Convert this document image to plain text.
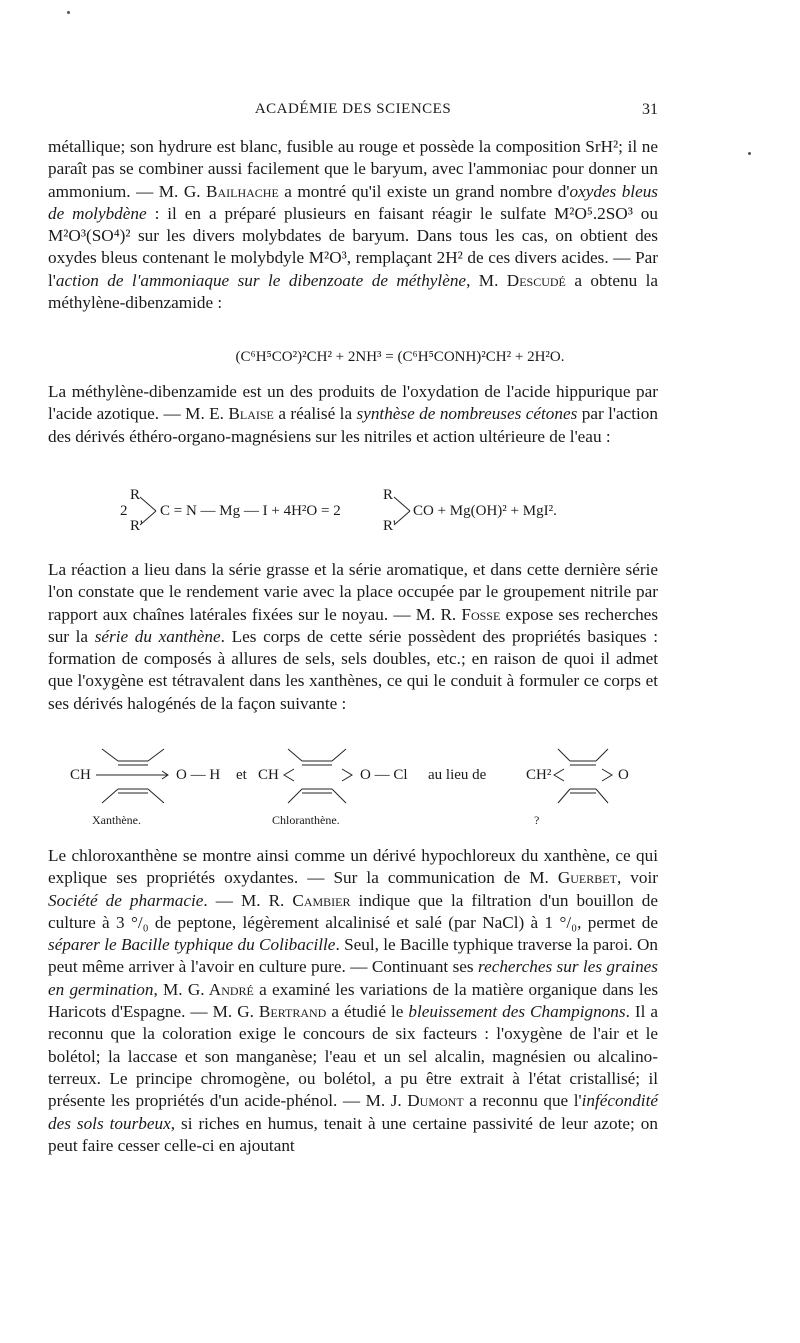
ACADÉMIE DES SCIENCES	31

métallique; son hydrure est blanc, fusible au rouge et possède la composition SrH²; il ne paraît pas se combiner aussi facilement que le baryum, avec l'ammoniac pour donner un ammonium. — M. G. Bailhache a montré qu'il existe un grand nombre d'oxydes bleus de molybdène : il en a préparé plusieurs en faisant réagir le sulfate M²O⁵.2SO³ ou M²O³(SO⁴)² sur les divers molybdates de baryum. Dans tous les cas, on obtient des oxydes bleus contenant le molybdyle M²O³, remplaçant 2H² de ces divers acides. — Par l'action de l'ammoniaque sur le dibenzoate de méthylène, M. Descudé a obtenu la méthylène-dibenzamide :

(C⁶H⁵CO²)²CH² + 2NH³ = (C⁶H⁵CONH)²CH² + 2H²O.

La méthylène-dibenzamide est un des produits de l'oxydation de l'acide hippurique par l'acide azotique. — M. E. Blaise a réalisé la synthèse de nombreuses cétones par l'action des dérivés éthéro-organo-magnésiens sur les nitriles et action ultérieure de l'eau :

2
R
R'
C = N — Mg — I + 4H²O = 2
R
R'
CO + Mg(OH)² + MgI².

La réaction a lieu dans la série grasse et la série aromatique, et dans cette dernière série l'on constate que le rendement varie avec la place occupée par le groupement nitrile par rapport aux chaînes latérales fixées sur le noyau. — M. R. Fosse expose ses recherches sur la série du xanthène. Les corps de cette série possèdent des propriétés basiques : formation de composés à allures de sels, sels doubles, etc.; en raison de quoi il admet que l'oxygène est tétravalent dans les xanthènes, ce qui le conduit à formuler ce corps et ses dérivés halogénés de la façon suivante :

CH	O — H
Xanthène.
et CH	O — Cl
Chloranthène.
au lieu de	CH²	O
?

Le chloroxanthène se montre ainsi comme un dérivé hypochloreux du xanthène, ce qui explique ses propriétés oxydantes. — Sur la communication de M. Guerbet, voir Société de pharmacie. — M. R. Cambier indique que la filtration d'un bouillon de culture à 3 °/₀ de peptone, légèrement alcalinisé et salé (par NaCl) à 1 °/₀, permet de séparer le Bacille typhique du Colibacille. Seul, le Bacille typhique traverse la paroi. On peut même arriver à l'avoir en culture pure. — Continuant ses recherches sur les graines en germination, M. G. André a examiné les variations de la matière organique dans les Haricots d'Espagne. — M. G. Bertrand a étudié le bleuissement des Champignons. Il a reconnu que la coloration exige le concours de six facteurs : l'oxygène de l'air et le bolétol; la laccase et son manganèse; l'eau et un sel alcalin, magnésien ou alcalino-terreux. Le principe chromogène, ou bolétol, a pu être extrait à l'état cristallisé; il présente les propriétés d'un acide-phénol. — M. J. Dumont a reconnu que l'infécondité des sols tourbeux, si riches en humus, tenait à une certaine passivité de leur azote; on peut faire cesser celle-ci en ajoutant
